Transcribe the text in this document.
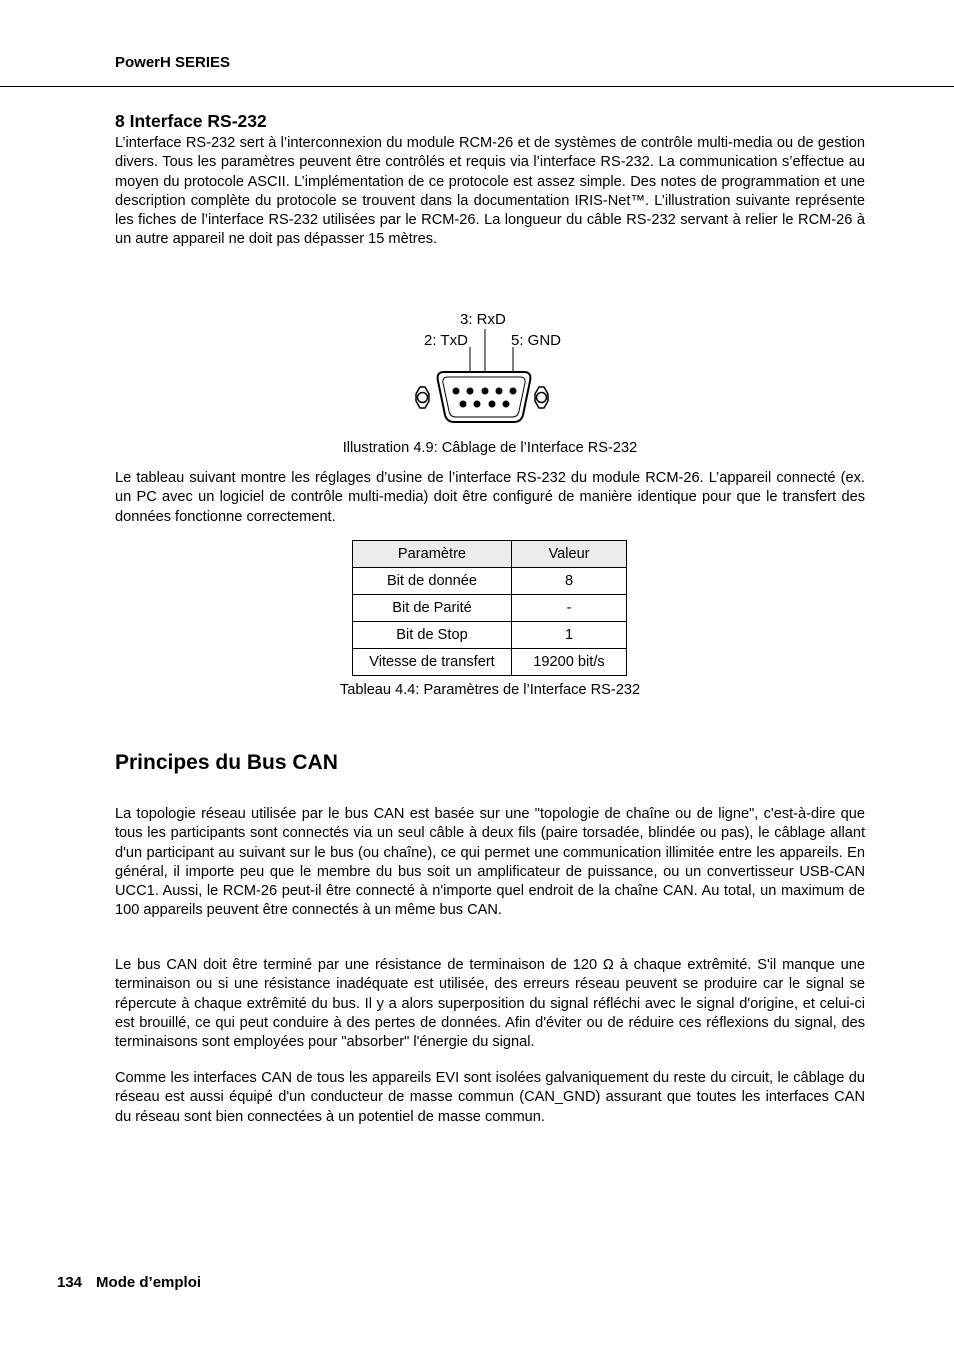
PowerH SERIES
8 Interface RS-232

L’interface RS-232 sert à l’interconnexion du module RCM-26 et de systèmes de contrôle multi-media ou de gestion divers. Tous les paramètres peuvent être contrôlés et requis via l’interface RS-232. La communication s’effectue au moyen du protocole ASCII. L’implémentation de ce protocole est assez simple. Des notes de programmation et une description complète du protocole se trouvent dans la documentation IRIS-Net™. L’illustration suivante représente les fiches de l’interface RS-232 utilisées par le RCM-26. La longueur du câble RS-232 servant à relier le RCM-26 à un autre appareil ne doit pas dépasser 15 mètres.

3: RxD
2: TxD	5: GND
Illustration 4.9: Câblage de l’Interface RS-232

Le tableau suivant montre les réglages d’usine de l’interface RS-232 du module RCM-26. L’appareil connecté (ex. un PC avec un logiciel de contrôle multi-media) doit être configuré de manière identique pour que le transfert des données fonctionne correctement.

Paramètre	Valeur
Bit de donnée	8
Bit de Parité	-
Bit de Stop	1
Vitesse de transfert	19200 bit/s
Tableau 4.4: Paramètres de l’Interface RS-232
Principes du Bus CAN

La topologie réseau utilisée par le bus CAN est basée sur une "topologie de chaîne ou de ligne", c'est-à-dire que tous les participants sont connectés via un seul câble à deux fils (paire torsadée, blindée ou pas), le câblage allant d'un participant au suivant sur le bus (ou chaîne), ce qui permet une communication illimitée entre les appareils. En général, il importe peu que le membre du bus soit un amplificateur de puissance, ou un convertisseur USB-CAN UCC1. Aussi, le RCM-26 peut-il être connecté à n'importe quel endroit de la chaîne CAN. Au total, un maximum de 100 appareils peuvent être connectés à un même bus CAN.

Le bus CAN doit être terminé par une résistance de terminaison de 120 Ω à chaque extrêmité. S'il manque une terminaison ou si une résistance inadéquate est utilisée, des erreurs réseau peuvent se produire car le signal se répercute à chaque extrêmité du bus. Il y a alors superposition du signal réfléchi avec le signal d'origine, et celui-ci est brouillé, ce qui peut conduire à des pertes de données. Afin d'éviter ou de réduire ces réflexions du signal, des terminaisons sont employées pour "absorber" l'énergie du signal.

Comme les interfaces CAN de tous les appareils EVI sont isolées galvaniquement du reste du circuit, le câblage du réseau est aussi équipé d'un conducteur de masse commun (CAN_GND) assurant que toutes les interfaces CAN du réseau sont bien connectées à un potentiel de masse commun.

134 Mode d’emploi
